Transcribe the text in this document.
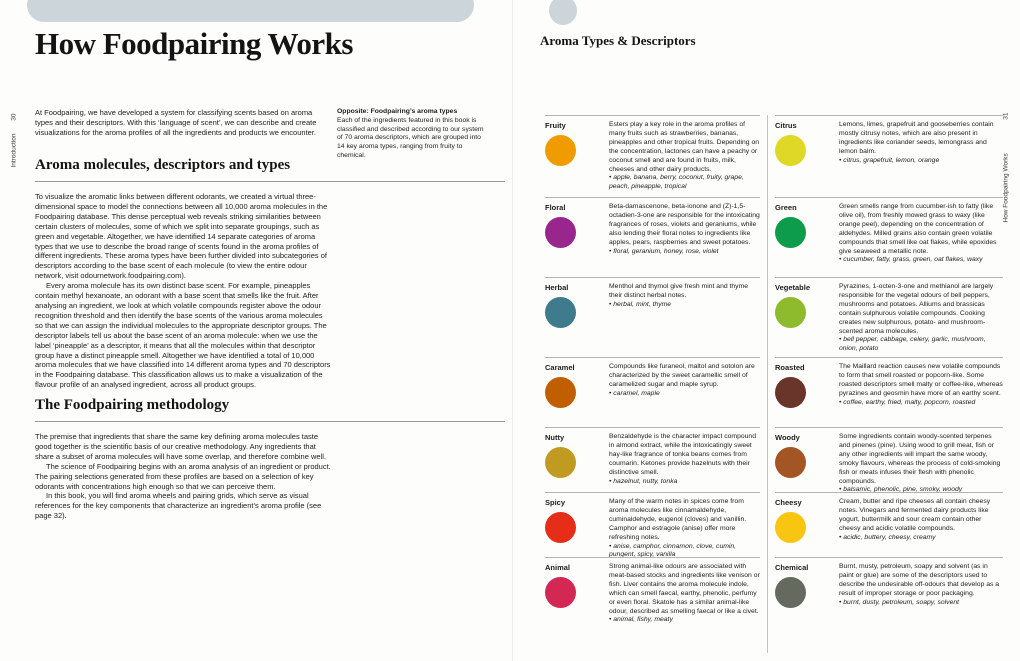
How Foodpairing Works
Introduction
30

At Foodpairing, we have developed a system for classifying scents based on aroma types and their descriptors. With this ‘language of scent’, we can describe and create visualizations for the aroma profiles of all the ingredients and products we encounter.

Aroma molecules, descriptors and types

To visualize the aromatic links between different odorants, we created a virtual three-dimensional space to model the connections between all 10,000 aroma molecules in the Foodpairing database. This dense perceptual web reveals striking similarities between certain clusters of molecules, some of which we split into separate groupings, such as green and vegetable. Altogether, we have identified 14 separate categories of aroma types that we use to describe the broad range of scents found in the aroma profiles of different ingredients. These aroma types have been further divided into subcategories of descriptors according to the base scent of each molecule (to view the entire odour network, visit odournetwork.foodpairing.com).

Every aroma molecule has its own distinct base scent. For example, pineapples contain methyl hexanoate, an odorant with a base scent that smells like the fruit. After analysing an ingredient, we look at which volatile compounds register above the odour recognition threshold and then identify the base scents of the various aroma molecules so that we can assign the individual molecules to the appropriate descriptor groups. The descriptor labels tell us about the base scent of an aroma molecule: when we use the label ‘pineapple’ as a descriptor, it means that all the molecules within that descriptor group have a distinct pineapple smell. Altogether we have identified a total of 10,000 aroma molecules that we have classified into 14 different aroma types and 70 descriptors in the Foodpairing database. This classification allows us to make a visualization of the flavour profile of an analysed ingredient, across all product groups.

The Foodpairing methodology

The premise that ingredients that share the same key defining aroma molecules taste good together is the scientific basis of our creative methodology. Any ingredients that share a subset of aroma molecules will have some overlap, and therefore combine well.

The science of Foodpairing begins with an aroma analysis of an ingredient or product. The pairing selections generated from these profiles are based on a selection of key odorants with concentrations high enough so that we can perceive them.

In this book, you will find aroma wheels and pairing grids, which serve as visual references for the key components that characterize an ingredient’s aroma profile (see page 32).

Opposite: Foodpairing’s aroma types

Each of the ingredients featured in this book is classified and described according to our system of 70 aroma descriptors, which are grouped into 14 key aroma types, ranging from fruity to chemical.

Aroma Types & Descriptors
How Foodpairing Works
31
Fruity	Esters play a key role in the aroma profiles of many fruits such as strawberries, bananas, pineapples and other tropical fruits. Depending on the concentration, lactones can have a peachy or coconut smell and are found in fruits, milk, cheeses and other dairy products.

• apple, banana, berry, coconut, fruity, grape, peach, pineapple, tropical

Floral	Beta-damascenone, beta-ionone and (Z)-1,5-octadien-3-one are responsible for the intoxicating fragrances of roses, violets and geraniums, while also lending their floral notes to ingredients like apples, pears, raspberries and sweet potatoes.

• floral, geranium, honey, rose, violet

Herbal	Menthol and thymol give fresh mint and thyme their distinct herbal notes.

• herbal, mint, thyme

Caramel	Compounds like furaneol, maltol and sotolon are characterized by the sweet caramellic smell of caramelized sugar and maple syrup.

• caramel, maple

Nutty	Benzaldehyde is the character impact compound in almond extract, while the intoxicatingly sweet hay-like fragrance of tonka beans comes from coumarin. Ketones provide hazelnuts with their distinctive smell.

• hazelnut, nutty, tonka

Spicy	Many of the warm notes in spices come from aroma molecules like cinnamaldehyde, cuminaldehyde, eugenol (cloves) and vanillin. Camphor and estragole (anise) offer more refreshing notes.

• anise, camphor, cinnamon, clove, cumin, pungent, spicy, vanilla

Animal	Strong animal-like odours are associated with meat-based stocks and ingredients like venison or fish. Liver contains the aroma molecule indole, which can smell faecal, earthy, phenolic, perfumy or even floral. Skatole has a similar animal-like odour, described as smelling faecal or like a civet.

• animal, fishy, meaty

Citrus	Lemons, limes, grapefruit and gooseberries contain mostly citrusy notes, which are also present in ingredients like coriander seeds, lemongrass and lemon balm.

• citrus, grapefruit, lemon, orange

Green	Green smells range from cucumber-ish to fatty (like olive oil), from freshly mowed grass to waxy (like orange peel), depending on the concentration of aldehydes. Milled grains also contain green volatile compounds that smell like oat flakes, while epoxides give seaweed a metallic note.

• cucumber, fatty, grass, green, oat flakes, waxy

Vegetable	Pyrazines, 1-octen-3-one and methianol are largely responsible for the vegetal odours of bell peppers, mushrooms and potatoes. Alliums and brassicas contain sulphurous volatile compounds. Cooking creates new sulphurous, potato- and mushroom-scented aroma molecules.

• bell pepper, cabbage, celery, garlic, mushroom, onion, potato

Roasted	The Maillard reaction causes new volatile compounds to form that smell roasted or popcorn-like. Some roasted descriptors smell malty or coffee-like, whereas pyrazines and geosmin have more of an earthy scent.

• coffee, earthy, fried, malty, popcorn, roasted

Woody	Some ingredients contain woody-scented terpenes and pinenes (pine). Using wood to grill meat, fish or any other ingredients will impart the same woody, smoky flavours, whereas the process of cold-smoking fish or meats infuses their flesh with phenolic compounds.

• balsamic, phenolic, pine, smoky, woody

Cheesy	Cream, butter and ripe cheeses all contain cheesy notes. Vinegars and fermented dairy products like yogurt, buttermilk and sour cream contain other cheesy and acidic volatile compounds.

• acidic, buttery, cheesy, creamy

Chemical	Burnt, musty, petroleum, soapy and solvent (as in paint or glue) are some of the descriptors used to describe the undesirable off-odours that develop as a result of improper storage or poor packaging.

• burnt, dusty, petroleum, soapy, solvent
